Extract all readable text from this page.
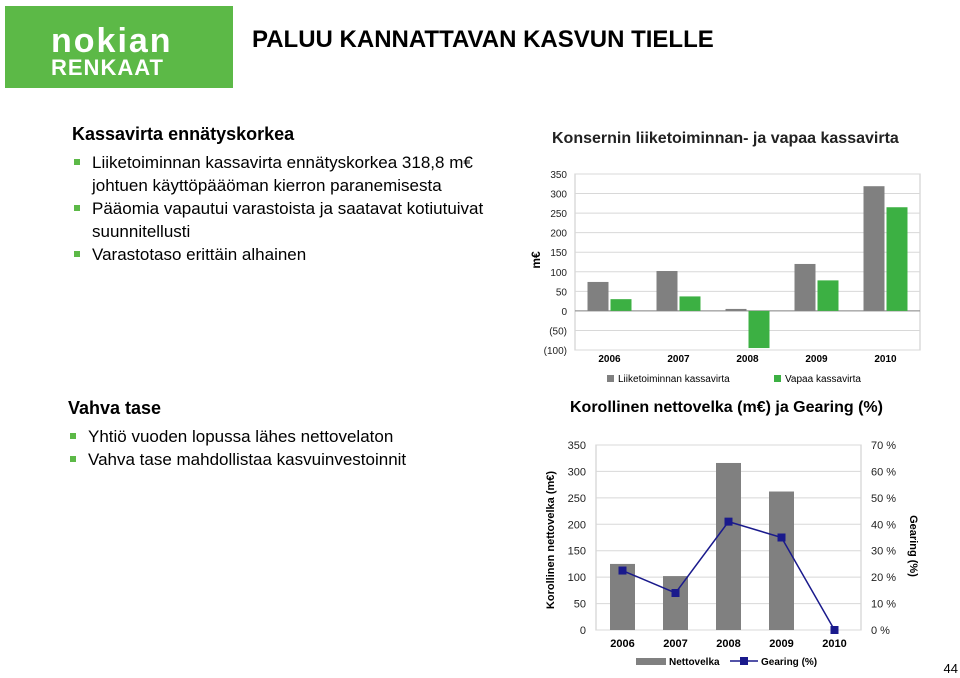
nokian
RENKAAT
PALUU KANNATTAVAN KASVUN TIELLE
Kassavirta ennätyskorkea
Liiketoiminnan kassavirta ennätyskorkea 318,8 m€ johtuen käyttöpääöman kierron paranemisesta
Pääomia vapautui varastoista ja saatavat kotiutuivat suunnitellusti
Varastotaso erittäin alhainen
Vahva tase
Yhtiö vuoden lopussa lähes nettovelaton
Vahva tase mahdollistaa kasvuinvestoinnit
Konsernin liiketoiminnan- ja vapaa kassavirta
350
300
250
200
150
100
50
0
(50)
(100)
m€
2006	2007	2008	2009	2010
Liiketoiminnan kassavirta	Vapaa kassavirta
Korollinen nettovelka (m€) ja Gearing (%)
350
300
250
200
150
100
50
0
70 %
60 %
50 %
40 %
30 %
20 %
10 %
0 %
Korollinen nettovelka (m€)	Gearing (%)
2006	2007	2008	2009	2010
Nettovelka	Gearing (%)	44
